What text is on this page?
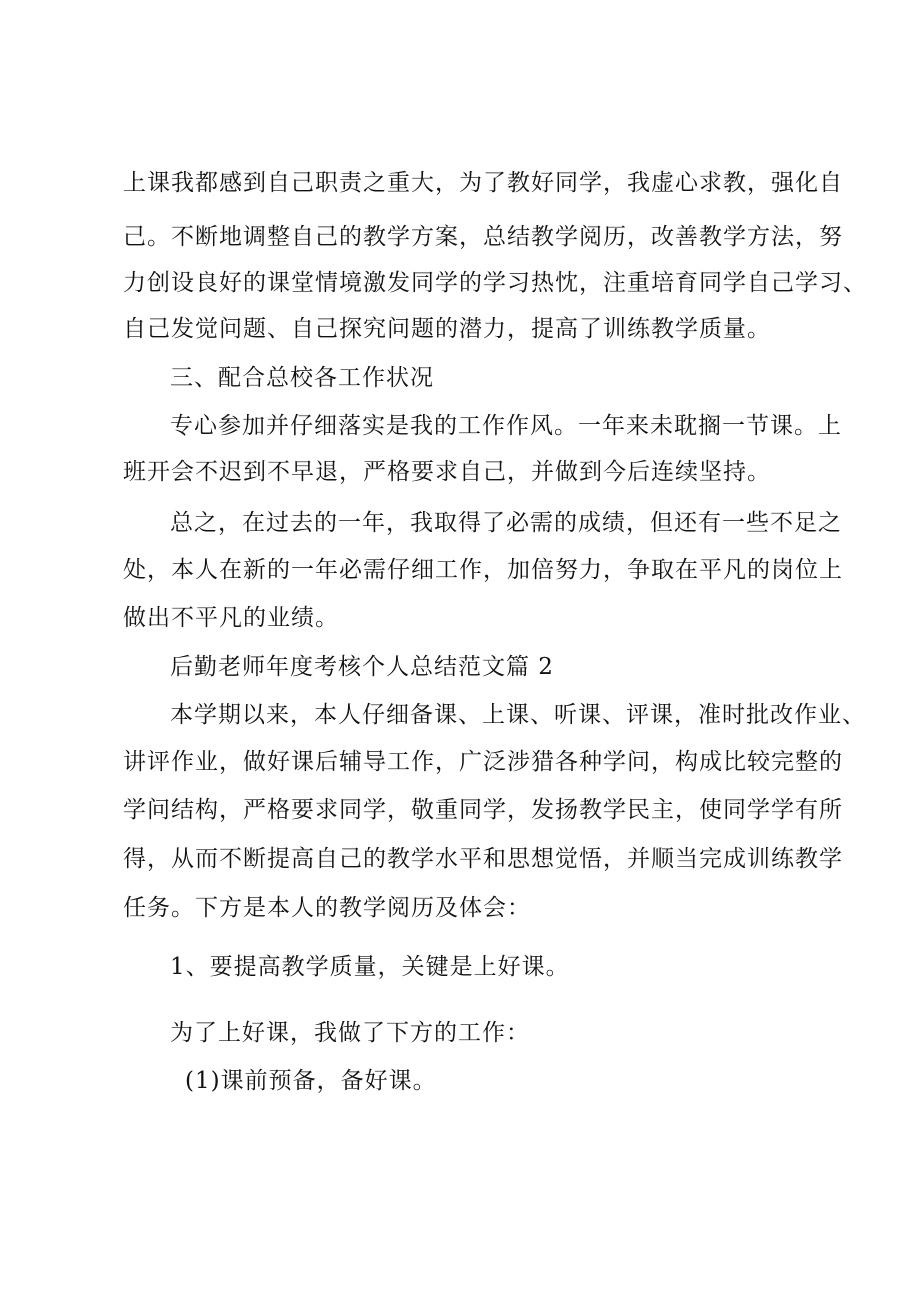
上课我都感到自己职责之重大，为了教好同学，我虚心求教，强化自
己。不断地调整自己的教学方案，总结教学阅历，改善教学方法，努
力创设良好的课堂情境激发同学的学习热忱，注重培育同学自己学习、
自己发觉问题、自己探究问题的潜力，提高了训练教学质量。
三、配合总校各工作状况
专心参加并仔细落实是我的工作作风。一年来未耽搁一节课。上
班开会不迟到不早退，严格要求自己，并做到今后连续坚持。
总之，在过去的一年，我取得了必需的成绩，但还有一些不足之
处，本人在新的一年必需仔细工作，加倍努力，争取在平凡的岗位上
做出不平凡的业绩。
后勤老师年度考核个人总结范文篇 2
本学期以来，本人仔细备课、上课、听课、评课，准时批改作业、
讲评作业，做好课后辅导工作，广泛涉猎各种学问，构成比较完整的
学问结构，严格要求同学，敬重同学，发扬教学民主，使同学学有所
得，从而不断提高自己的教学水平和思想觉悟，并顺当完成训练教学
任务。下方是本人的教学阅历及体会：
1、要提高教学质量，关键是上好课。
为了上好课，我做了下方的工作：
(1)课前预备，备好课。
